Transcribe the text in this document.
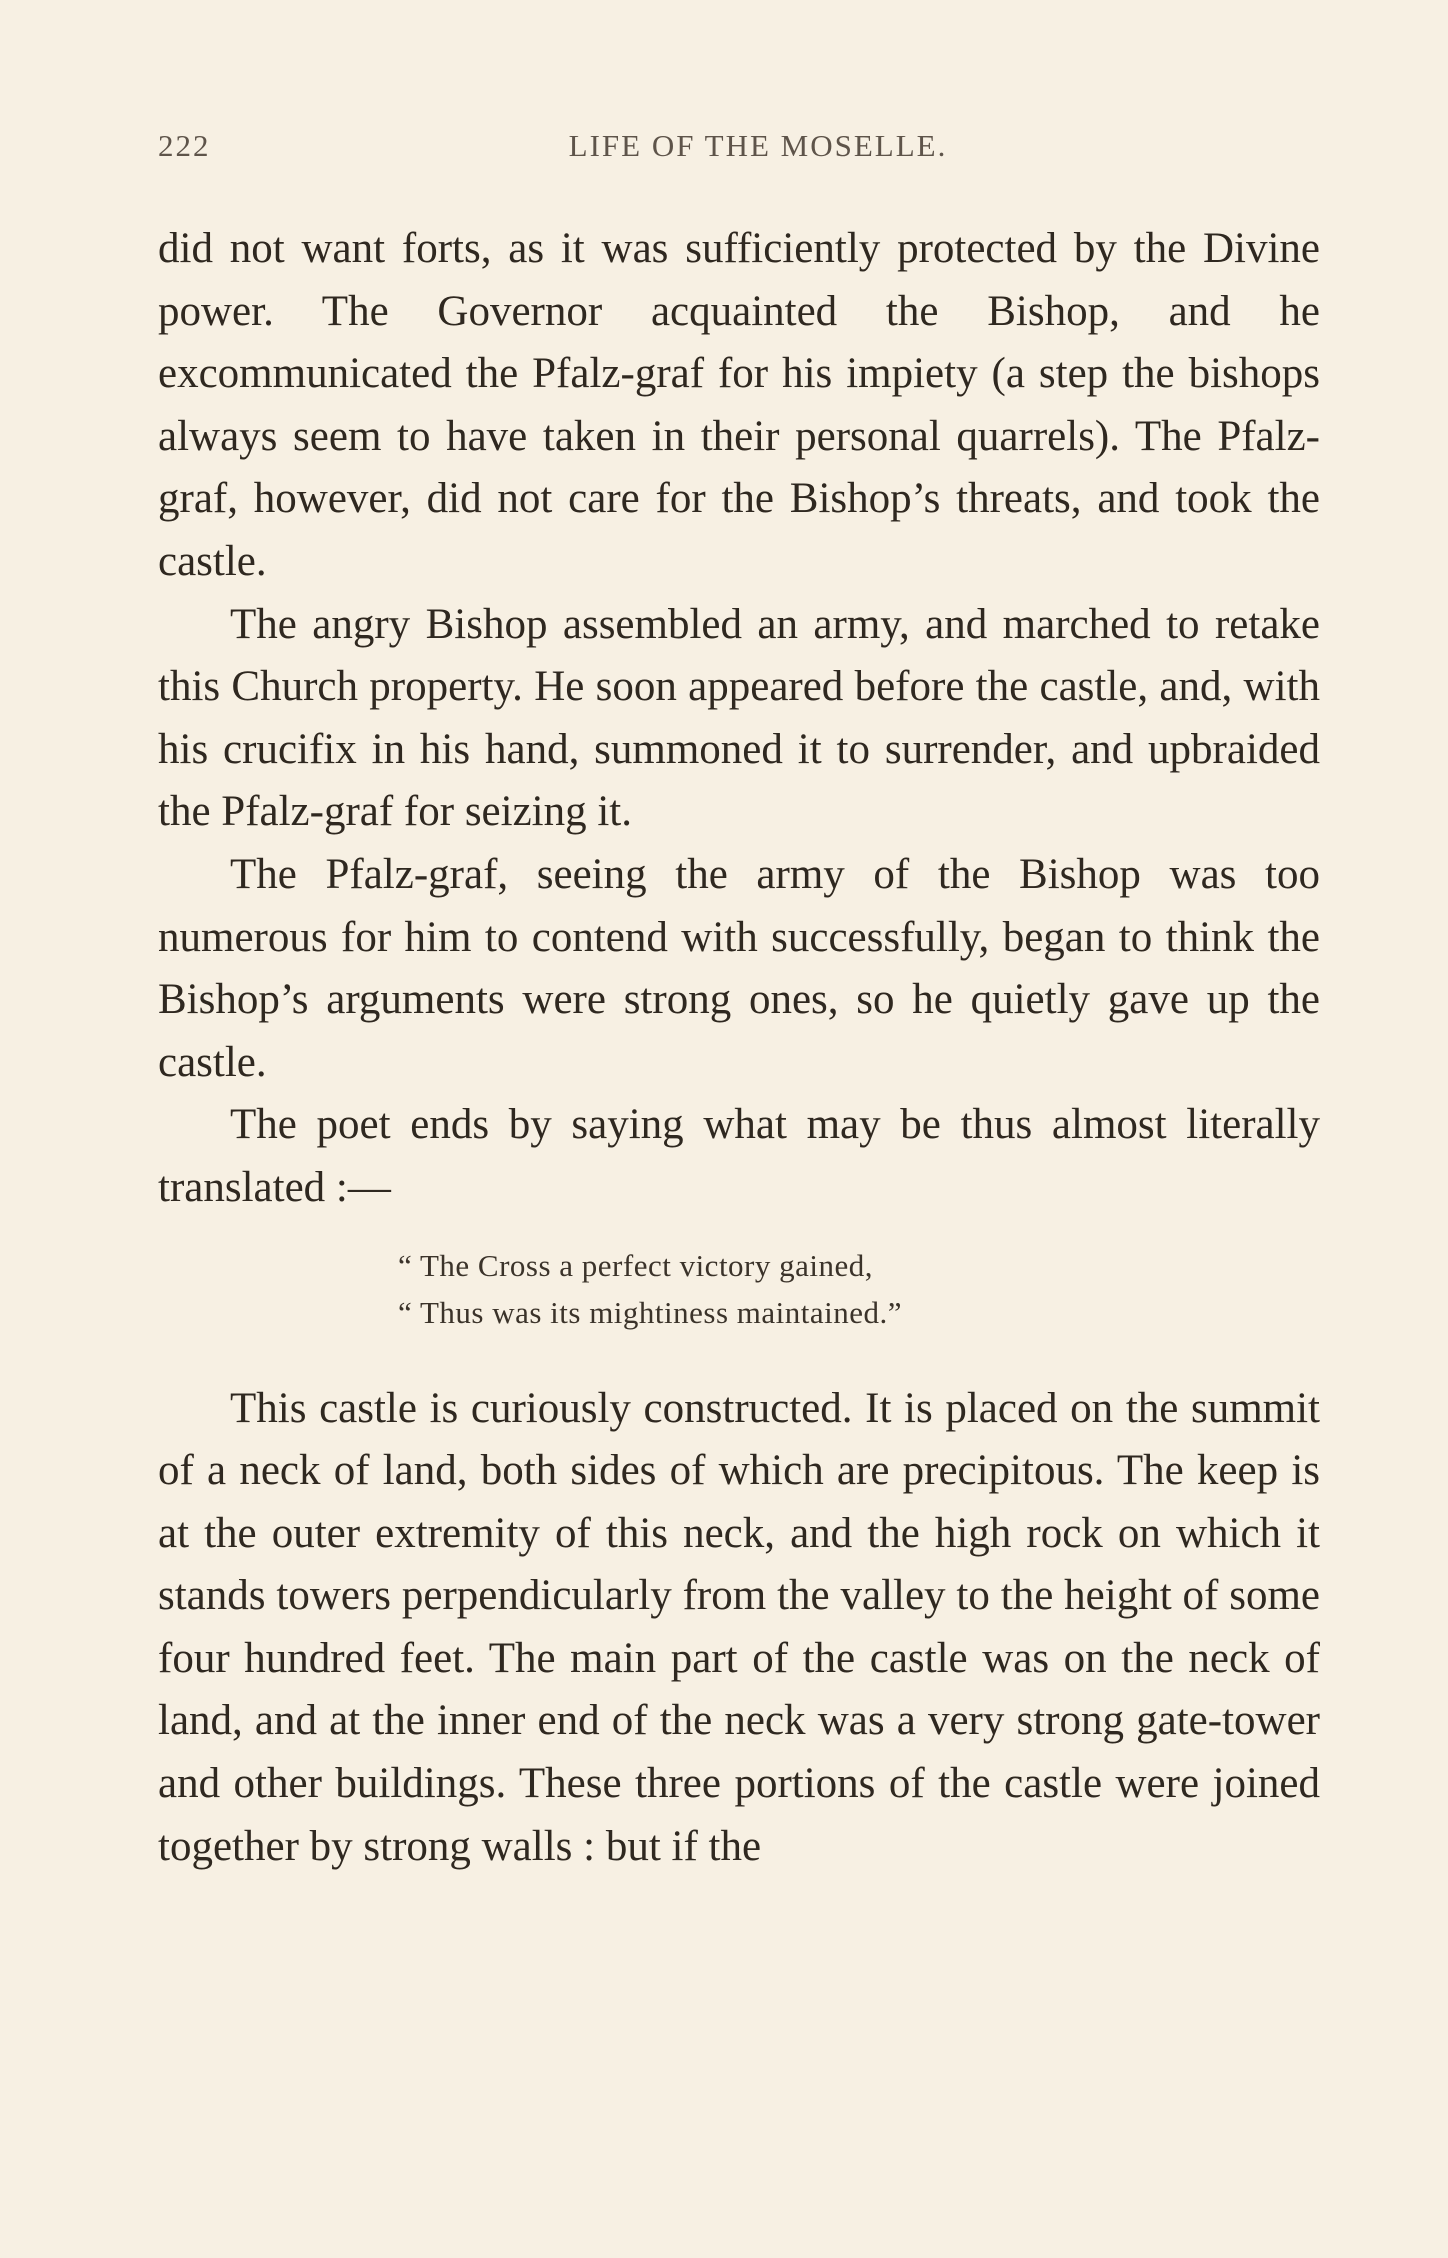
222	LIFE OF THE MOSELLE.

did not want forts, as it was sufficiently protected by the Divine power. The Governor acquainted the Bishop, and he excommunicated the Pfalz-graf for his impiety (a step the bishops always seem to have taken in their personal quarrels). The Pfalz-graf, however, did not care for the Bishop’s threats, and took the castle.

The angry Bishop assembled an army, and marched to retake this Church property. He soon appeared before the castle, and, with his crucifix in his hand, summoned it to surrender, and upbraided the Pfalz-graf for seizing it.

The Pfalz-graf, seeing the army of the Bishop was too numerous for him to contend with successfully, began to think the Bishop’s arguments were strong ones, so he quietly gave up the castle.

The poet ends by saying what may be thus almost literally translated :—

“ The Cross a perfect victory gained,
“ Thus was its mightiness maintained.”

This castle is curiously constructed. It is placed on the summit of a neck of land, both sides of which are precipitous. The keep is at the outer extremity of this neck, and the high rock on which it stands towers perpendicularly from the valley to the height of some four hundred feet. The main part of the castle was on the neck of land, and at the inner end of the neck was a very strong gate-tower and other buildings. These three portions of the castle were joined together by strong walls : but if the
